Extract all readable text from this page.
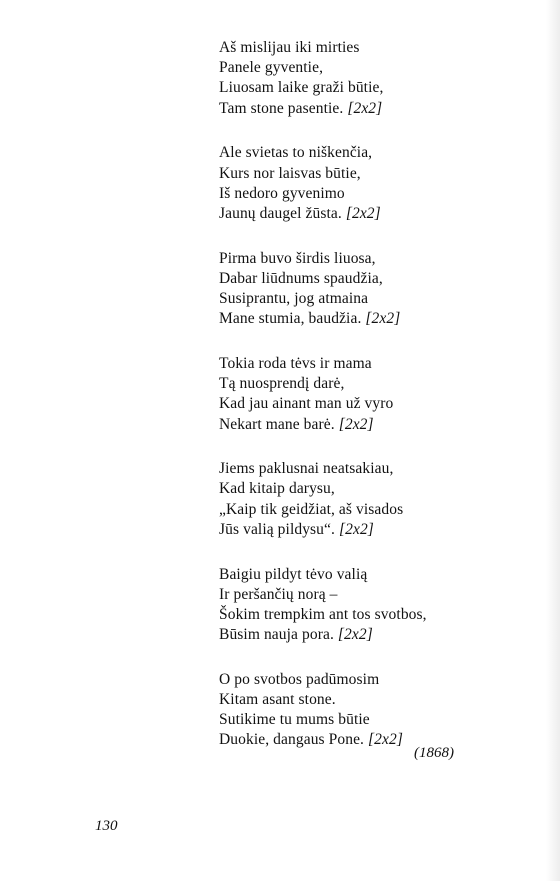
Aš mislijau iki mirties
Panele gyventie,
Liuosam laike graži būtie,
Tam stone pasentie. [2x2]
Ale svietas to niškenčia,
Kurs nor laisvas būtie,
Iš nedoro gyvenimo
Jaunų daugel žūsta. [2x2]
Pirma buvo širdis liuosa,
Dabar liūdnums spaudžia,
Susiprantu, jog atmaina
Mane stumia, baudžia. [2x2]
Tokia roda tėvs ir mama
Tą nuosprendį darė,
Kad jau ainant man už vyro
Nekart mane barė. [2x2]
Jiems paklusnai neatsakiau,
Kad kitaip darysu,
„Kaip tik geidžiat, aš visados
Jūs valią pildysu“. [2x2]
Baigiu pildyt tėvo valią
Ir peršančių norą –
Šokim trempkim ant tos svotbos,
Būsim nauja pora. [2x2]
O po svotbos padūmosim
Kitam asant stone.
Sutikime tu mums būtie
Duokie, dangaus Pone. [2x2]
(1868)
130
